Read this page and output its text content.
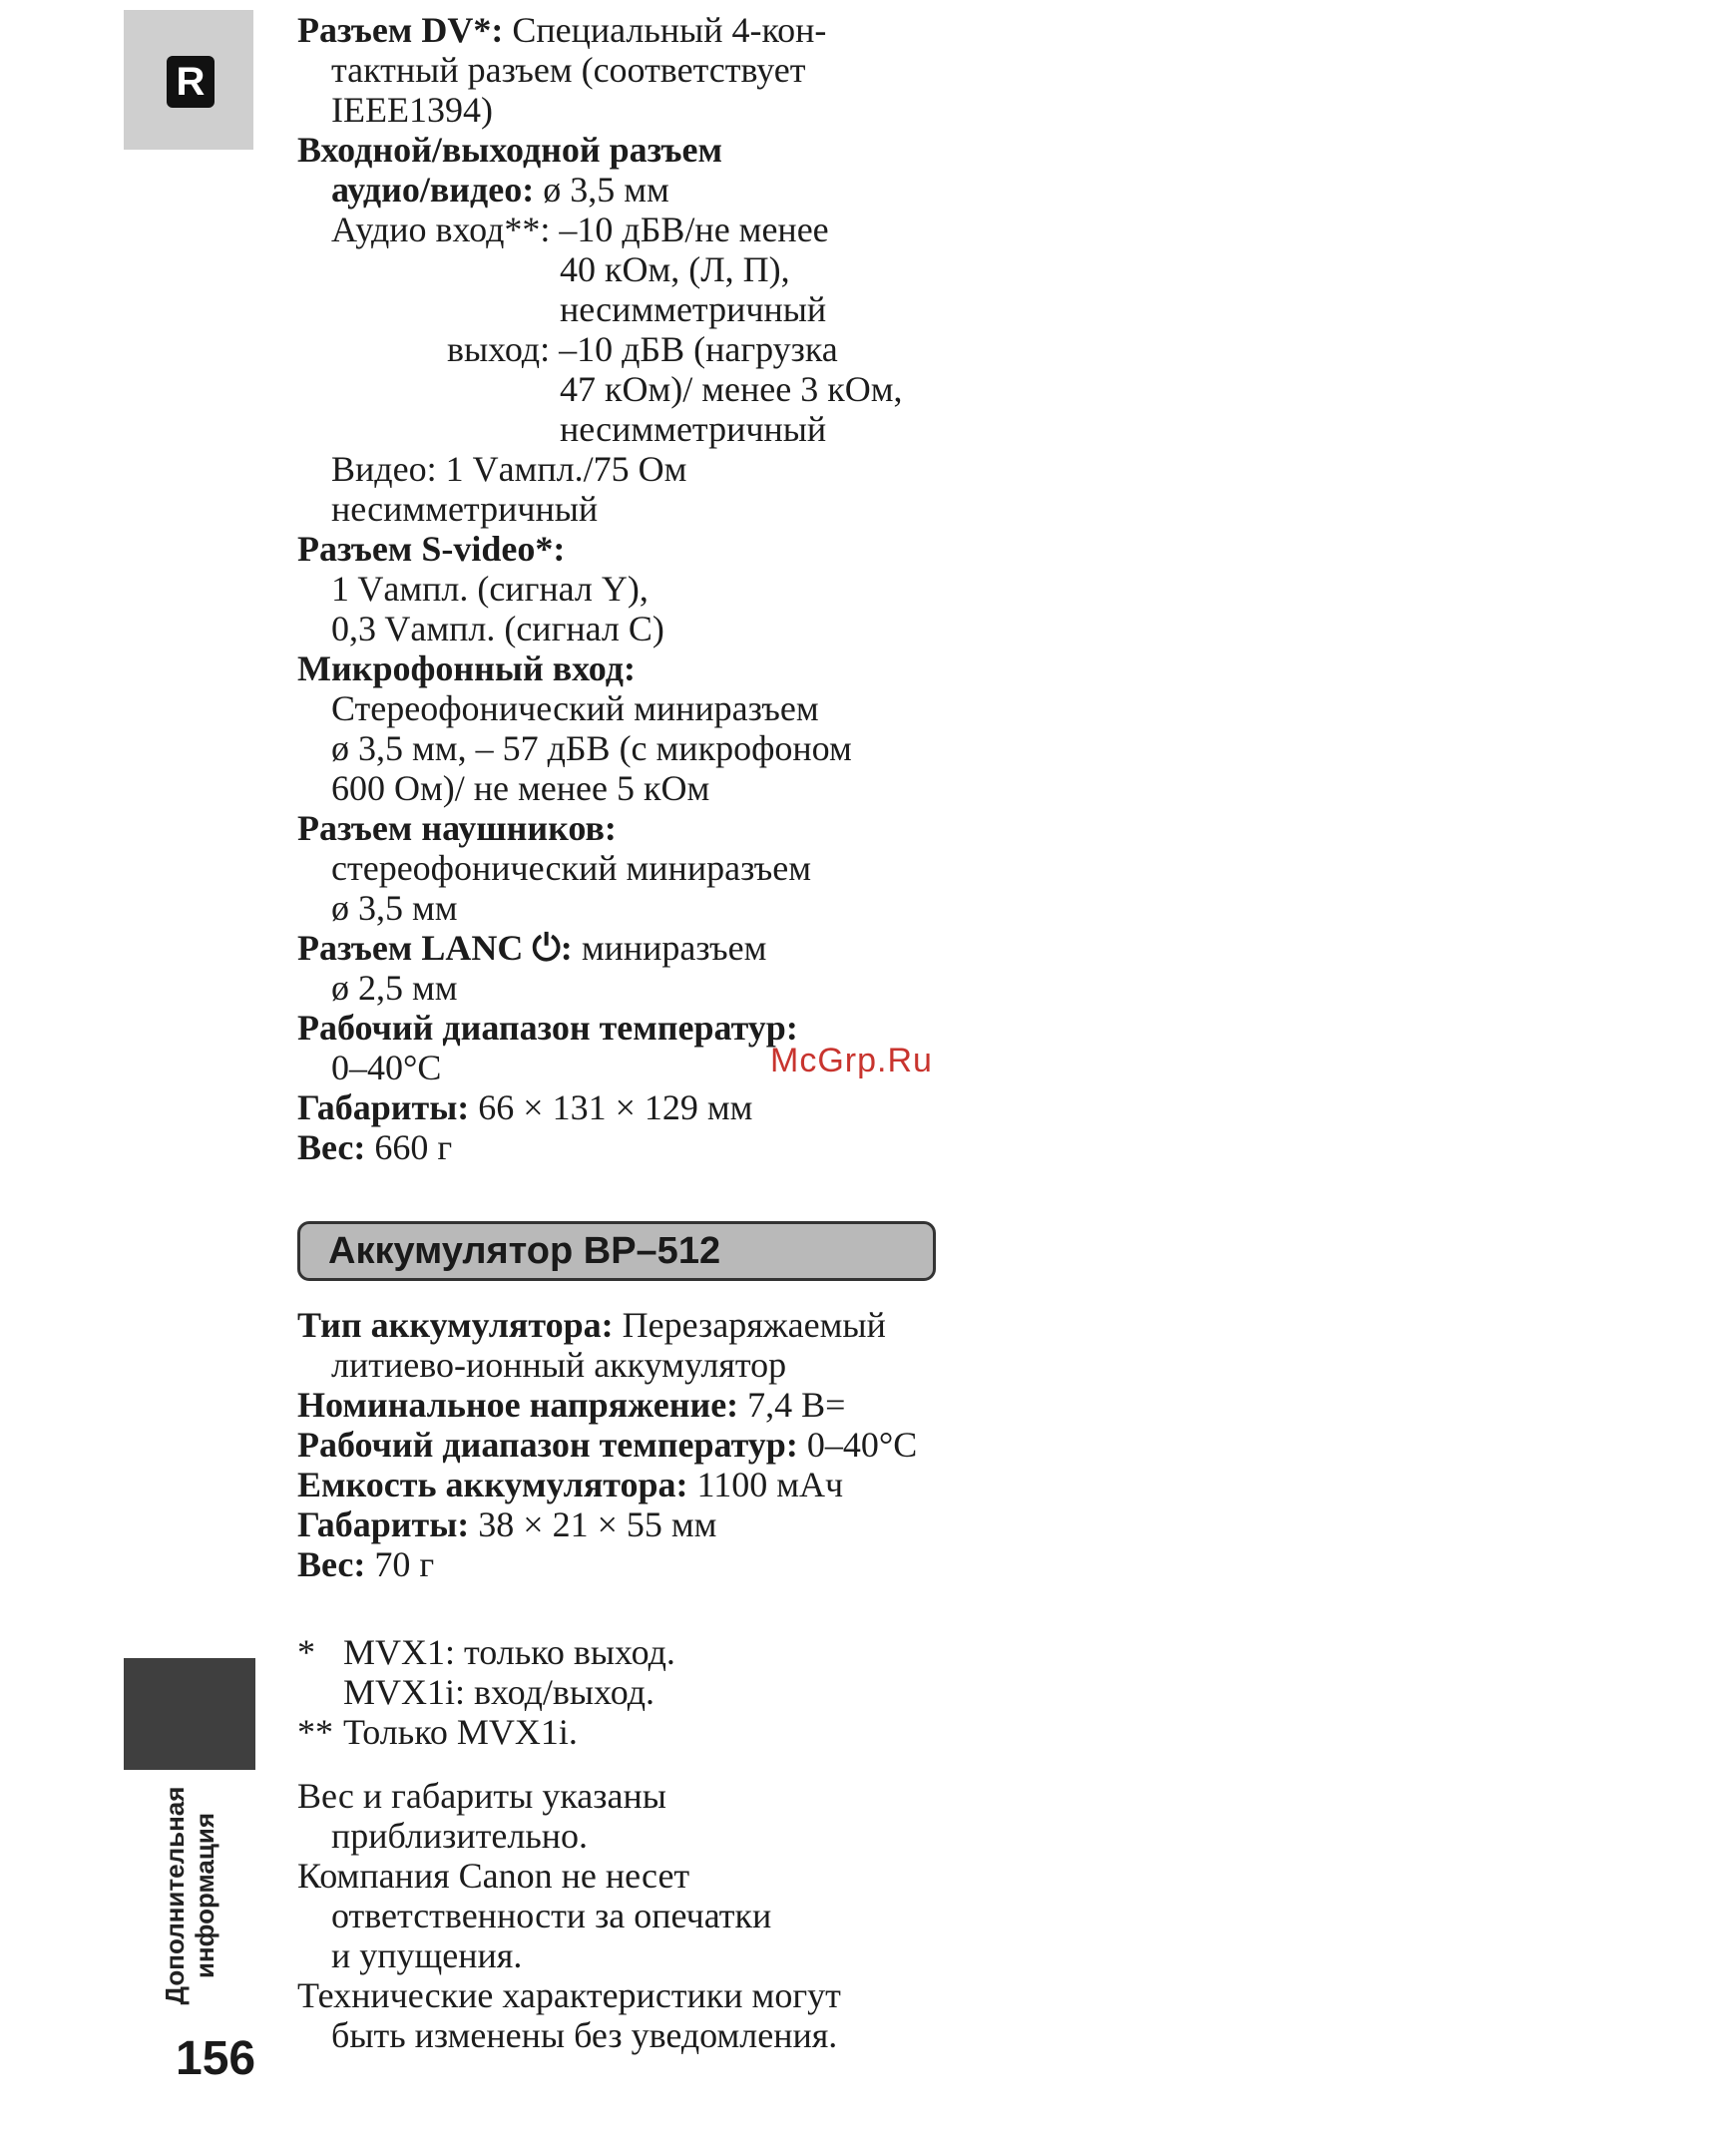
R
Разъем DV*: Специальный 4-кон-
тактный разъем (соответствует
IEEE1394)
Входной/выходной разъем
аудио/видео: ø 3,5 мм
Аудио вход**: –10 дБВ/не менее
40 кОм, (Л, П),
несимметричный
выход: –10 дБВ (нагрузка
47 кОм)/ менее 3 кОм,
несимметричный
Видео: 1 Vампл./75 Ом
несимметричный
Разъем S-video*:
1 Vампл. (сигнал Y),
0,3 Vампл. (сигнал C)
Микрофонный вход:
Стереофонический миниразъем
ø 3,5 мм, – 57 дБВ (с микрофоном
600 Ом)/ не менее 5 кОм
Разъем наушников:
стереофонический миниразъем
ø 3,5 мм
Разъем LANC ⏻: миниразъем
ø 2,5 мм
Рабочий диапазон температур:
0–40°C
Габариты: 66 × 131 × 129 мм
Вес: 660 г
Аккумулятор BP–512
Тип аккумулятора: Перезаряжаемый
литиево-ионный аккумулятор
Номинальное напряжение: 7,4 В=
Рабочий диапазон температур: 0–40°C
Емкость аккумулятора: 1100 мАч
Габариты: 38 × 21 × 55 мм
Вес: 70 г
* MVX1: только выход.
MVX1i: вход/выход.
** Только MVX1i.
Вес и габариты указаны
приблизительно.
Компания Canon не несет
ответственности за опечатки
и упущения.
Технические характеристики могут
быть изменены без уведомления.
McGrp.Ru
Дополнительная информация
156
